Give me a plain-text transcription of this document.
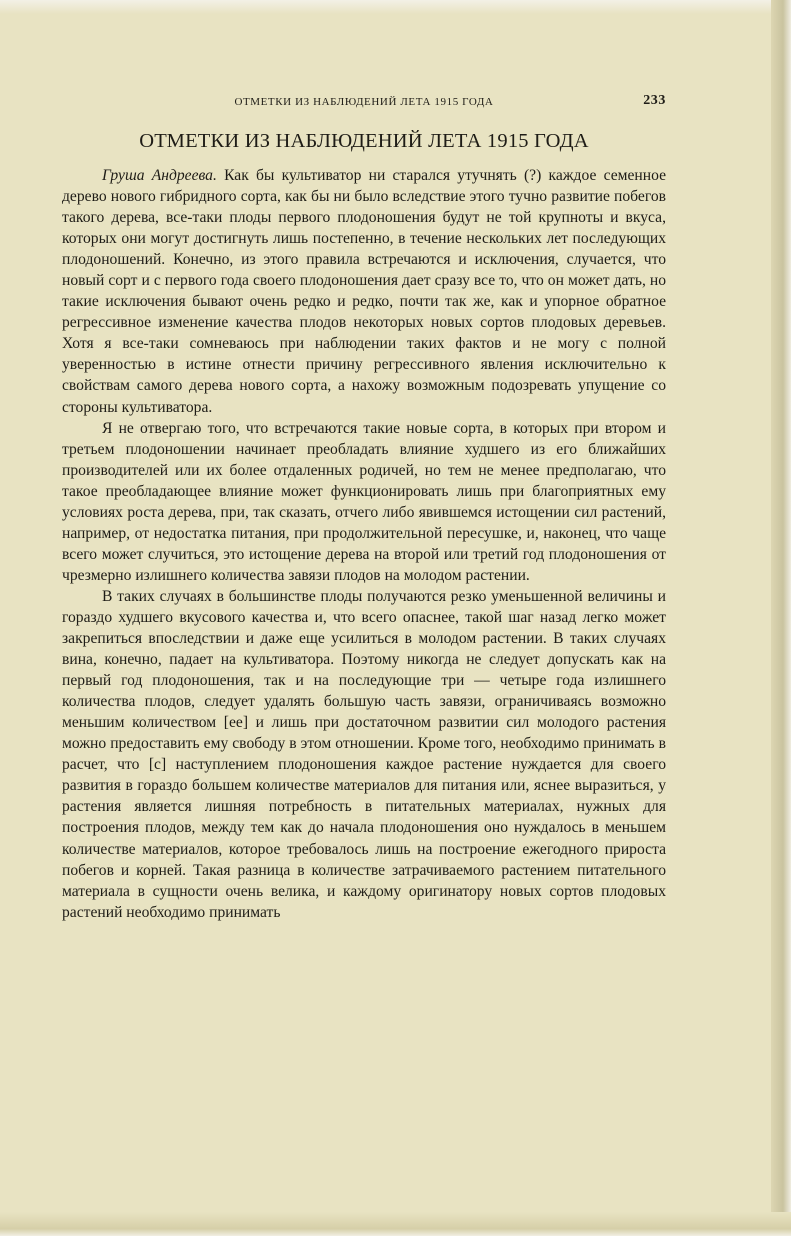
ОТМЕТКИ ИЗ НАБЛЮДЕНИЙ ЛЕТА 1915 ГОДА	233
ОТМЕТКИ ИЗ НАБЛЮДЕНИЙ ЛЕТА 1915 ГОДА

Груша Андреева. Как бы культиватор ни старался утучнять (?) каждое семенное дерево нового гибридного сорта, как бы ни было вследствие этого тучно развитие побегов такого дерева, все-таки плоды первого плодоношения будут не той крупноты и вкуса, которых они могут достигнуть лишь постепенно, в течение нескольких лет последующих плодоношений. Конечно, из этого правила встречаются и исключения, случается, что новый сорт и с первого года своего плодоношения дает сразу все то, что он может дать, но такие исключения бывают очень редко и редко, почти так же, как и упорное обратное регрессивное изменение качества плодов некоторых новых сортов плодовых деревьев. Хотя я все-таки сомневаюсь при наблюдении таких фактов и не могу с полной уверенностью в истине отнести причину регрессивного явления исключительно к свойствам самого дерева нового сорта, а нахожу возможным подозревать упущение со стороны культиватора.

Я не отвергаю того, что встречаются такие новые сорта, в которых при втором и третьем плодоношении начинает преобладать влияние худшего из его ближайших производителей или их более отдаленных родичей, но тем не менее предполагаю, что такое преобладающее влияние может функционировать лишь при благоприятных ему условиях роста дерева, при, так сказать, отчего либо явившемся истощении сил растений, например, от недостатка питания, при продолжительной пересушке, и, наконец, что чаще всего может случиться, это истощение дерева на второй или третий год плодоношения от чрезмерно излишнего количества завязи плодов на молодом растении.

В таких случаях в большинстве плоды получаются резко уменьшенной величины и гораздо худшего вкусового качества и, что всего опаснее, такой шаг назад легко может закрепиться впоследствии и даже еще усилиться в молодом растении. В таких случаях вина, конечно, падает на культиватора. Поэтому никогда не следует допускать как на первый год плодоношения, так и на последующие три — четыре года излишнего количества плодов, следует удалять большую часть завязи, ограничиваясь возможно меньшим количеством [ее] и лишь при достаточном развитии сил молодого растения можно предоставить ему свободу в этом отношении. Кроме того, необходимо принимать в расчет, что [с] наступлением плодоношения каждое растение нуждается для своего развития в гораздо большем количестве материалов для питания или, яснее выразиться, у растения является лишняя потребность в питательных материалах, нужных для построения плодов, между тем как до начала плодоношения оно нуждалось в меньшем количестве материалов, которое требовалось лишь на построение ежегодного прироста побегов и корней. Такая разница в количестве затрачиваемого растением питательного материала в сущности очень велика, и каждому оригинатору новых сортов плодовых растений необходимо принимать
